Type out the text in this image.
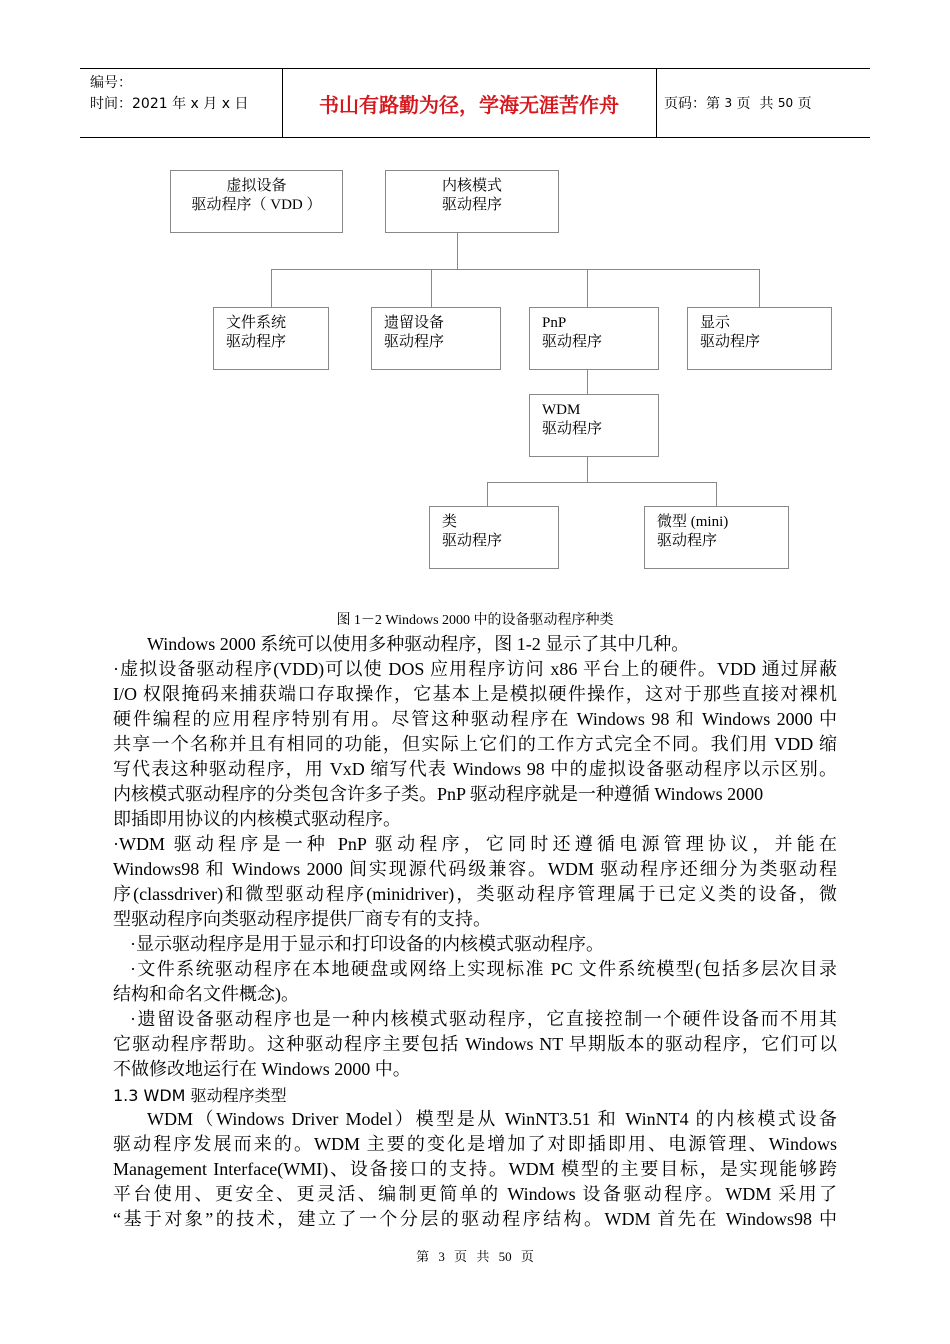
编号：
时间：2021 年 x 月 x 日	书山有路勤为径，学海无涯苦作舟	页码：第 3 页  共 50 页
虚拟设备
驱动程序（ VDD ）
内核模式
驱动程序
文件系统
驱动程序
遗留设备
驱动程序
PnP
驱动程序
显示
驱动程序
WDM
驱动程序
类
驱动程序
微型 (mini)
驱动程序
图 1－2 Windows 2000 中的设备驱动程序种类
Windows 2000 系统可以使用多种驱动程序，图 1-2 显示了其中几种。
·虚拟设备驱动程序(VDD)可以使 DOS 应用程序访问 x86 平台上的硬件。VDD 通过屏蔽
I/O 权限掩码来捕获端口存取操作，它基本上是模拟硬件操作，这对于那些直接对裸机
硬件编程的应用程序特别有用。尽管这种驱动程序在 Windows 98 和 Windows 2000 中
共享一个名称并且有相同的功能，但实际上它们的工作方式完全不同。我们用 VDD 缩
写代表这种驱动程序，用 VxD 缩写代表 Windows 98 中的虚拟设备驱动程序以示区别。
内核模式驱动程序的分类包含许多子类。PnP 驱动程序就是一种遵循 Windows 2000
即插即用协议的内核模式驱动程序。
·WDM 驱动程序是一种 PnP 驱动程序，它同时还遵循电源管理协议，并能在
Windows98 和 Windows 2000 间实现源代码级兼容。WDM 驱动程序还细分为类驱动程
序(classdriver)和微型驱动程序(minidriver)，类驱动程序管理属于已定义类的设备，微
型驱动程序向类驱动程序提供厂商专有的支持。
·显示驱动程序是用于显示和打印设备的内核模式驱动程序。
·文件系统驱动程序在本地硬盘或网络上实现标准 PC 文件系统模型(包括多层次目录
结构和命名文件概念)。
·遗留设备驱动程序也是一种内核模式驱动程序，它直接控制一个硬件设备而不用其
它驱动程序帮助。这种驱动程序主要包括 Windows NT 早期版本的驱动程序，它们可以
不做修改地运行在 Windows 2000 中。
1.3 WDM 驱动程序类型
WDM（Windows Driver Model）模型是从 WinNT3.51 和 WinNT4 的内核模式设备
驱动程序发展而来的。WDM 主要的变化是增加了对即插即用、电源管理、Windows
Management Interface(WMI)、设备接口的支持。WDM 模型的主要目标，是实现能够跨
平台使用、更安全、更灵活、编制更简单的 Windows 设备驱动程序。WDM 采用了
“基于对象”的技术，建立了一个分层的驱动程序结构。WDM 首先在 Windows98 中
第 3 页 共 50 页
